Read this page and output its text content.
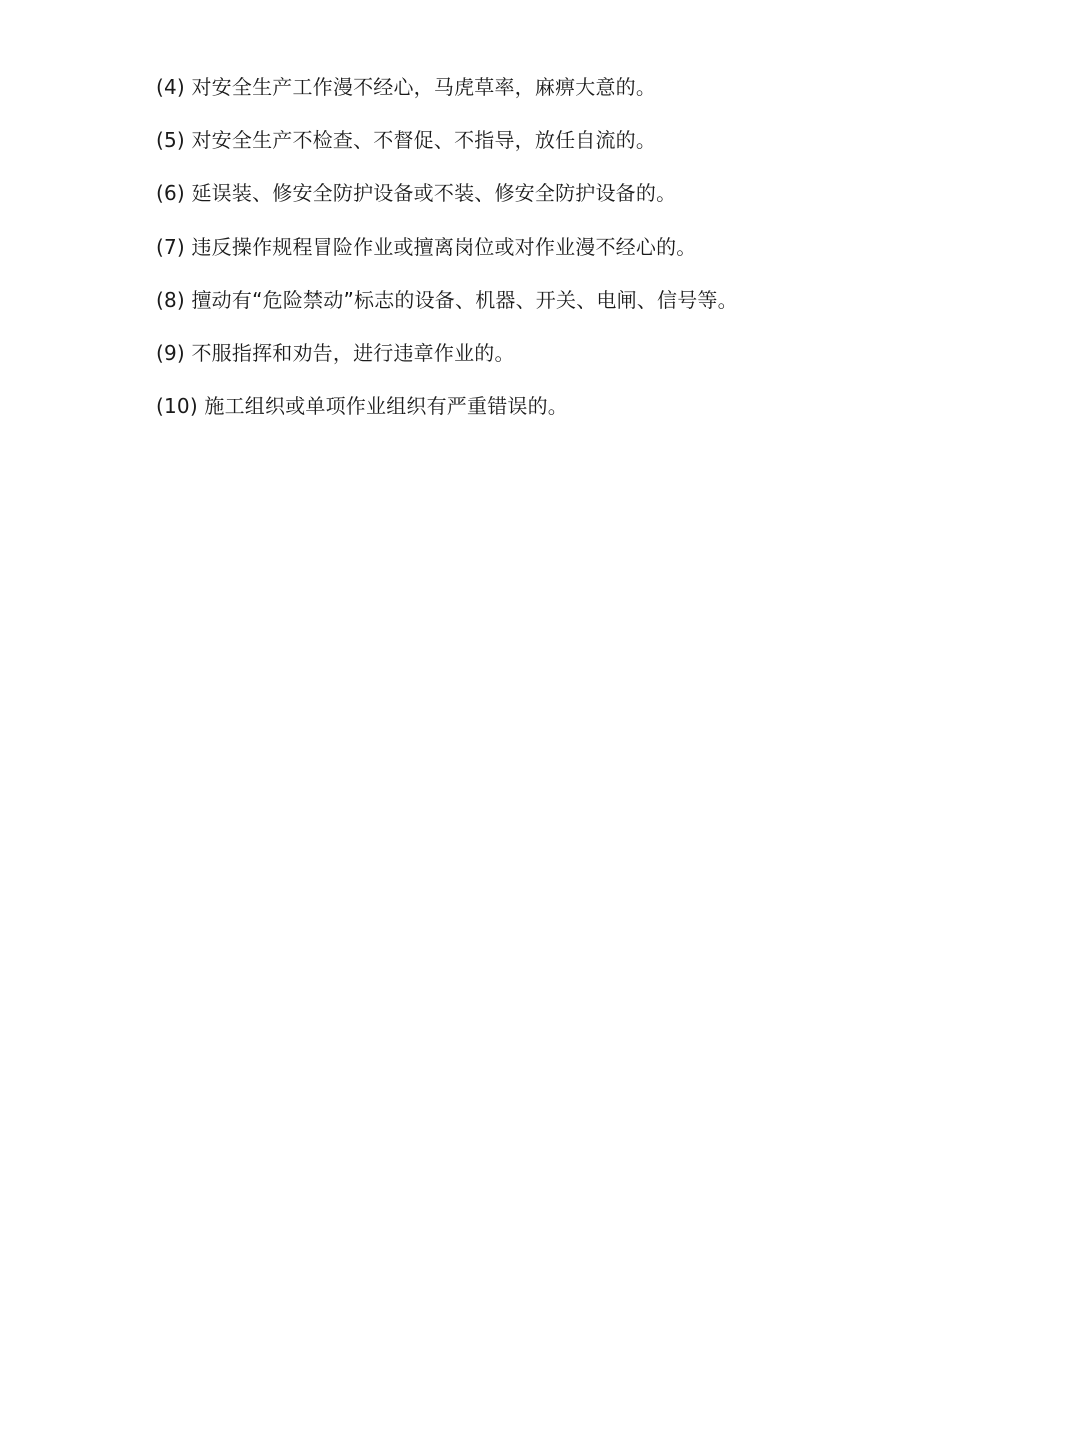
(4) 对安全生产工作漫不经心，马虎草率，麻痹大意的。
(5) 对安全生产不检查、不督促、不指导，放任自流的。
(6) 延误装、修安全防护设备或不装、修安全防护设备的。
(7) 违反操作规程冒险作业或擅离岗位或对作业漫不经心的。
(8) 擅动有“危险禁动”标志的设备、机器、开关、电闸、信号等。
(9) 不服指挥和劝告，进行违章作业的。
(10) 施工组织或单项作业组织有严重错误的。
